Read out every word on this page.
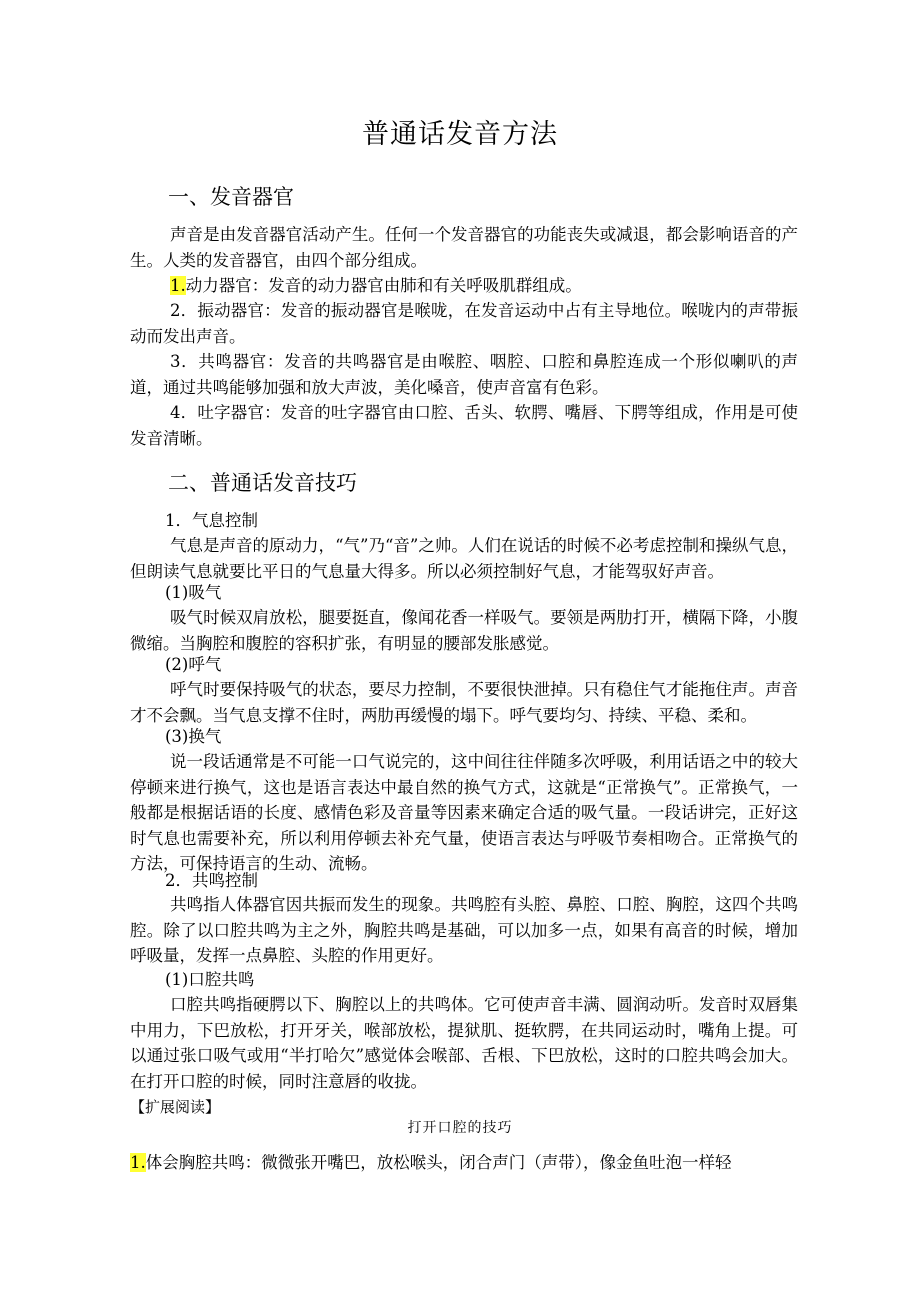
普通话发音方法
一、发音器官
声音是由发音器官活动产生。任何一个发音器官的功能丧失或减退，都会影响语音的产生。人类的发音器官，由四个部分组成。
1.动力器官：发音的动力器官由肺和有关呼吸肌群组成。
2．振动器官：发音的振动器官是喉咙，在发音运动中占有主导地位。喉咙内的声带振动而发出声音。
3．共鸣器官：发音的共鸣器官是由喉腔、咽腔、口腔和鼻腔连成一个形似喇叭的声道，通过共鸣能够加强和放大声波，美化嗓音，使声音富有色彩。
4．吐字器官：发音的吐字器官由口腔、舌头、软腭、嘴唇、下腭等组成，作用是可使发音清晰。
二、普通话发音技巧
1．气息控制
气息是声音的原动力，“气”乃“音”之帅。人们在说话的时候不必考虑控制和操纵气息，但朗读气息就要比平日的气息量大得多。所以必须控制好气息，才能驾驭好声音。
(1)吸气
吸气时候双肩放松，腿要挺直，像闻花香一样吸气。要领是两肋打开，横隔下降，小腹微缩。当胸腔和腹腔的容积扩张，有明显的腰部发胀感觉。
(2)呼气
呼气时要保持吸气的状态，要尽力控制，不要很快泄掉。只有稳住气才能拖住声。声音才不会飘。当气息支撑不住时，两肋再缓慢的塌下。呼气要均匀、持续、平稳、柔和。
(3)换气
说一段话通常是不可能一口气说完的，这中间往往伴随多次呼吸，利用话语之中的较大停顿来进行换气，这也是语言表达中最自然的换气方式，这就是“正常换气”。正常换气，一般都是根据话语的长度、感情色彩及音量等因素来确定合适的吸气量。一段话讲完，正好这时气息也需要补充，所以利用停顿去补充气量，使语言表达与呼吸节奏相吻合。正常换气的方法，可保持语言的生动、流畅。
2．共鸣控制
共鸣指人体器官因共振而发生的现象。共鸣腔有头腔、鼻腔、口腔、胸腔，这四个共鸣腔。除了以口腔共鸣为主之外，胸腔共鸣是基础，可以加多一点，如果有高音的时候，增加呼吸量，发挥一点鼻腔、头腔的作用更好。
(1)口腔共鸣
口腔共鸣指硬腭以下、胸腔以上的共鸣体。它可使声音丰满、圆润动听。发音时双唇集中用力，下巴放松，打开牙关，喉部放松，提狱肌、挺软腭，在共同运动时，嘴角上提。可以通过张口吸气或用“半打哈欠”感觉体会喉部、舌根、下巴放松，这时的口腔共鸣会加大。在打开口腔的时候，同时注意唇的收拢。
【扩展阅读】
打开口腔的技巧
1.体会胸腔共鸣：微微张开嘴巴，放松喉头，闭合声门（声带），像金鱼吐泡一样轻
